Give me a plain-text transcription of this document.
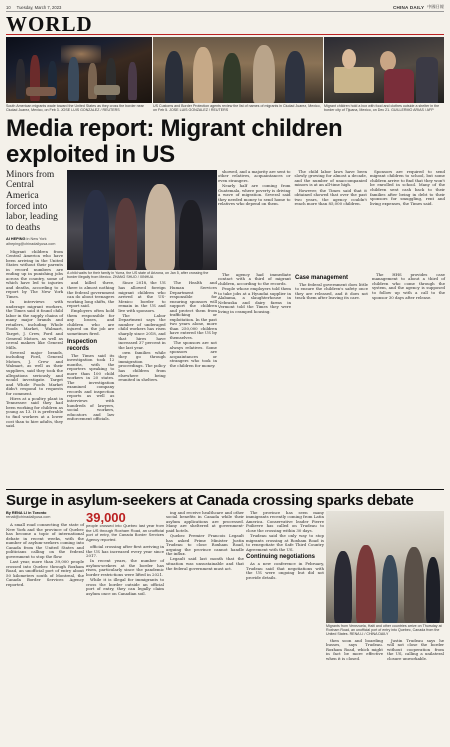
10 Tuesday, March 7, 2023	CHINA DAILY 中國日報
WORLD
South American migrants wade toward the United States as they cross the border near Ciudad Juarez, Mexico, on Feb 3. JOSE LUIS GONZALEZ / REUTERS
US Customs and Border Protection agents review the list of names of migrants in Ciudad Juarez, Mexico, on Feb 5. JOSE LUIS GONZALEZ / REUTERS
Migrant children hold a box with food and clothes outside a shelter in the border city of Tijuana, Mexico, on Dec 21. GUILLERMO ARIAS / AFP
Media report: Migrant children exploited in US
Minors from Central America forced into labor, leading to deaths
AI HEPING in New York
aiheping@chinadailyusa.com

Migrant children from Central America who have been arriving in the United States without their parents in record numbers are ending up in punishing jobs across the country, some of which have led to injuries and deaths, according to a report by The New York Times.

In interviews with underage migrant workers, the Times said it found child labor in the supply chains of many major brands and retailers, including Whole Foods Market, Walmart, Target, J. Crew, Ford and General Motors, as well as cereal makers like General Mills.

Several major brands, including Ford, General Motors, J. Crew and Walmart, as well as their suppliers, said they took the allegations seriously and would investigate. Target and Whole Foods Market didn't respond to requests for comment.

Hires at a poultry plant in Tennessee said they had been working for children as young as 13. It is preferable to find workers at a lower cost than to hire adults, they said.

A child waits for their family in Yuma, the US state of Arizona, on Jan 5, after crossing the border illegally from Mexico. ZHANG SHUO / XINHUA

and killed three, there is almost nothing the federal government can do about teenagers working long shifts, the report said.

Employers often hold them responsible for any losses, and children who are injured on the job are sometimes fired.

Inspection records

The Times said its investigation took 12 months, with the reporters speaking to more than 100 child workers in 20 states. The investigation examined company records and inspection reports as well as interviews with hundreds of lawyers, social workers, educators and law enforcement officials.

Since 2018, the US has allowed foreign migrant children who arrived at the US-Mexico border to remain in the US and live with sponsors.

The Labor Department says the number of underaged child workers has risen sharply since 2018, and that hires have increased 37 percent in the last year.

own families while they go through immigration proceedings. The policy has children from elsewhere being reunited in shelters.

The Health and Human Services Department is responsible for ensuring sponsors will support the children and protect them from trafficking or exploitation. In the past two years alone, more than 250,000 children have entered the US by themselves.

The sponsors are not always relatives. Some sponsors are acquaintances or strangers who took in the children for money.

showed, and a majority are sent to other relatives, acquaintances or even strangers.

Nearly half are coming from Guatemala, where poverty is driving a wave of migration. Several said they needed money to send home to relatives who depend on them.

The child labor laws have been slowly growing for almost a decade, and the number of unaccompanied minors is at an all-time high.

However, the Times said that it obtained showed that over the past two years, the agency couldn't reach more than 85,000 children.

Sponsors are required to send migrant children to school, but some children arrive to find that they won't be enrolled in school. Many of the children sent cash back to their families after being in debt to their sponsors for smuggling, rent and living expenses, the Times said.

The agency had immediate contact with a third of migrant children, according to the records.

People whose employers told them to take jobs at a Hyundai supplier in Alabama, a slaughterhouse in Nebraska and dairy farms in Vermont told the Times they were living in cramped housing.

Case management

The federal government does little to ensure the children's safety once they are released, and it does not track them after leaving its care.

The HHS provides case management to about a third of children who come through the system, and the agency is supposed to follow up with a call to the sponsor 30 days after release.

Surge in asylum-seekers at Canada crossing sparks debate
By RENA LI in Toronto
renali@chinadailyusa.com

A small road connecting the state of New York and the province of Quebec has become a topic of international debate in recent weeks, with the number of asylum-seekers coming into Canada from the United States and politicians calling on the federal government to stop the flow.

Last year, more than 39,000 people crossed into Quebec through Roxham Road, an unofficial port of entry about 50 kilometers south of Montreal, the Canada Border Services Agency reported.

39,000
people crossed into Quebec last year from the US through Roxham Road, an unofficial port of entry, the Canada Border Services Agency reported.

official crossing after first arriving in the US has increased every year since 2017.

In recent years, the number of asylum-seekers at the border has risen, particularly since the pandemic border restrictions were lifted in 2021.

While it is illegal for immigrants to cross the border outside an official port of entry, they can legally claim asylum once on Canadian soil.

ing and receive healthcare and other social benefits in Canada while their asylum applications are processed. Many are sheltered at government-paid hotels.

Quebec Premier Francois Legault has asked Prime Minister Justin Trudeau to close Roxham Road, arguing the province cannot handle the influx.

Legault said last month that the situation was unsustainable and that the federal government must act.

The province has seen many immigrants recently coming from Latin America. Conservative leader Pierre Poilievre has called on Trudeau to close the crossing within 30 days.

Trudeau said the only way to stop migrants crossing at Roxham Road is to renegotiate the Safe Third Country Agreement with the US.

Continuing negotiations

As a new conference in February, Trudeau said that negotiations with the US were ongoing but did not provide details.

Migrants from Venezuela, Haiti and other countries arrive on Thursday at Roxham Road, an unofficial port of entry into Quebec, Canada from the United States. RENA LI / CHINA DAILY

then soon and boarding busses, says Trudeau. Roxham Road, which might in fact be more effective when it is closed.

Justin Trudeau says he will not close the border without cooperation from the US, calling a unilateral closure unworkable.
